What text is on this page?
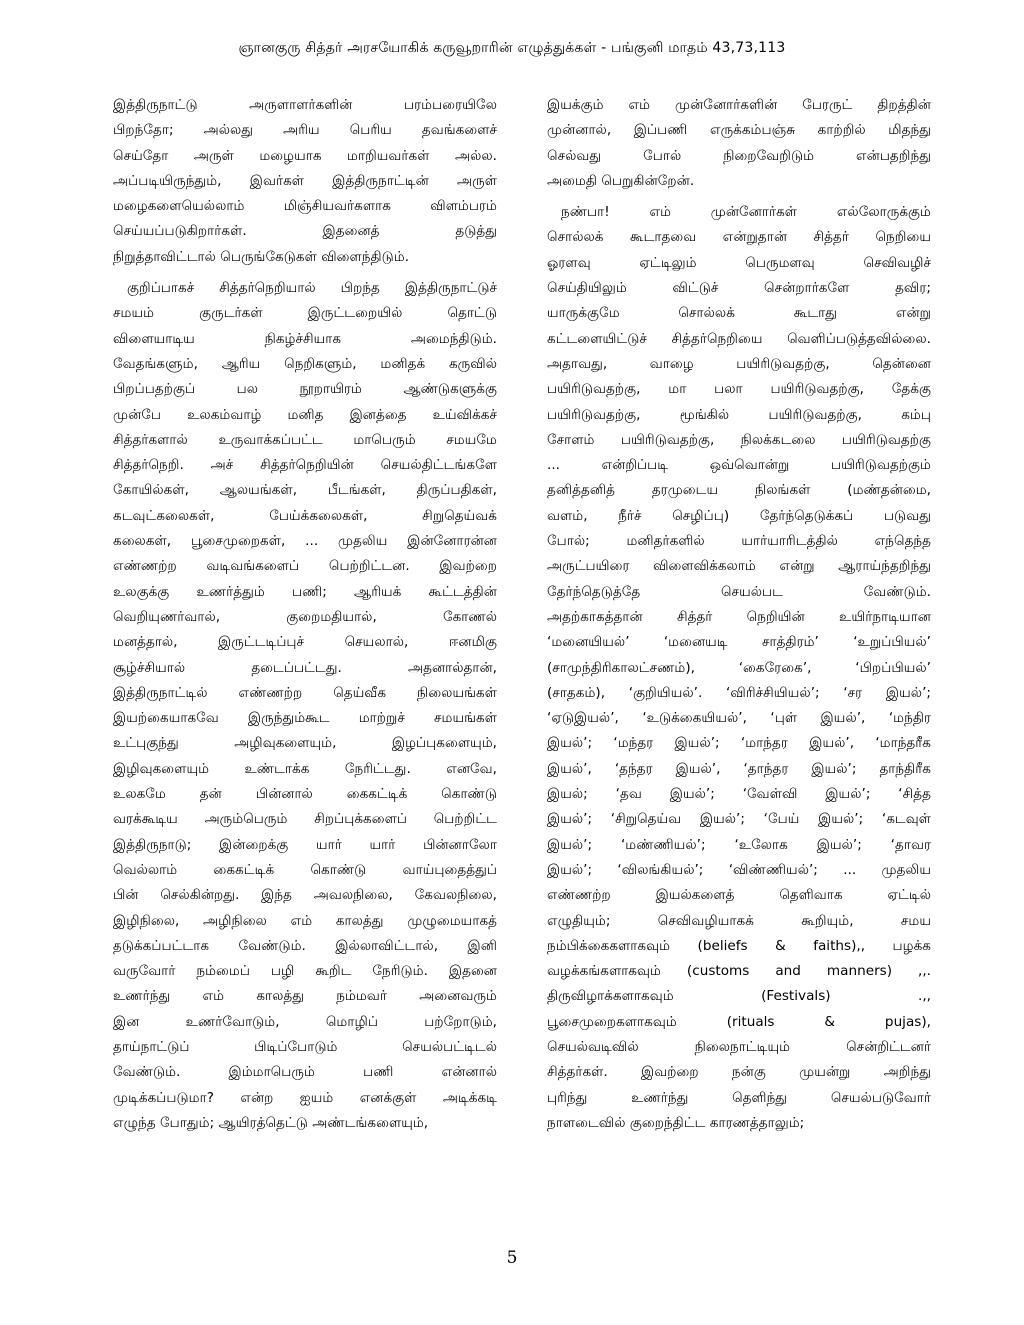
ஞானகுரு சித்தர் அரசயோகிக் கருவூறாரின் எழுத்துக்கள் - பங்குனி மாதம் 43,73,113

இத்திருநாட்டு அருளாளர்களின் பரம்பரையிலே

பிறந்தோ; அல்லது அரிய பெரிய தவங்களைச்

செய்தோ அருள் மழையாக மாறியவர்கள் அல்ல.

அப்படியிருந்தும், இவர்கள் இத்திருநாட்டின் அருள்

மழைகளையெல்லாம் மிஞ்சியவர்களாக விளம்பரம்

செய்யப்படுகிறார்கள். இதனைத் தடுத்து

நிறுத்தாவிட்டால் பெருங்கேடுகள் விளைந்திடும்.

குறிப்பாகச் சித்தர்நெறியால் பிறந்த இத்திருநாட்டுச்

சமயம் குருடர்கள் இருட்டறையில் தொட்டு

விளையாடிய நிகழ்ச்சியாக அமைந்திடும்.

வேதங்களும், ஆரிய நெறிகளும், மனிதக் கருவில்

பிறப்பதற்குப் பல நூறாயிரம் ஆண்டுகளுக்கு

முன்பே உலகம்வாழ் மனித இனத்தை உய்விக்கச்

சித்தர்களால் உருவாக்கப்பட்ட மாபெரும் சமயமே

சித்தர்நெறி. அச் சித்தர்நெறியின் செயல்திட்டங்களே

கோயில்கள், ஆலயங்கள், பீடங்கள், திருப்பதிகள்,

கடவுட்கலைகள், பேய்க்கலைகள், சிறுதெய்வக்

கலைகள், பூசைமுறைகள், ... முதலிய இன்னோரன்ன

எண்ணற்ற வடிவங்களைப் பெற்றிட்டன. இவற்றை

உலகுக்கு உணர்த்தும் பணி; ஆரியக் கூட்டத்தின்

வெறியுணர்வால், குறைமதியால், கோணல்

மனத்தால், இருட்டடிப்புச் செயலால், ஈனமிகு

சூழ்ச்சியால் தடைப்பட்டது. அதனால்தான்,

இத்திருநாட்டில் எண்ணற்ற தெய்வீக நிலையங்கள்

இயற்கையாகவே இருந்தும்கூட மாற்றுச் சமயங்கள்

உட்புகுந்து அழிவுகளையும், இழப்புகளையும்,

இழிவுகளையும் உண்டாக்க நேரிட்டது. எனவே,

உலகமே தன் பின்னால் கைகட்டிக் கொண்டு

வரக்கூடிய அரும்பெரும் சிறப்புக்களைப் பெற்றிட்ட

இத்திருநாடு; இன்றைக்கு யார் யார் பின்னாலோ

வெல்லாம் கைகட்டிக் கொண்டு வாய்புதைத்துப்

பின் செல்கின்றது. இந்த அவலநிலை, கேவலநிலை,

இழிநிலை, அழிநிலை எம் காலத்து முழுமையாகத்

தடுக்கப்பட்டாக வேண்டும். இல்லாவிட்டால், இனி

வருவோர் நம்மைப் பழி கூறிட நேரிடும். இதனை

உணர்ந்து எம் காலத்து நம்மவர் அனைவரும்

இன உணர்வோடும், மொழிப் பற்றோடும்,

தாய்நாட்டுப் பிடிப்போடும் செயல்பட்டிடல்

வேண்டும். இம்மாபெரும் பணி என்னால்

முடிக்கப்படுமா? என்ற ஐயம் எனக்குள் அடிக்கடி

எழுந்த போதும்; ஆயிரத்தெட்டு அண்டங்களையும்,

இயக்கும் எம் முன்னோர்களின் பேரருட் திறத்தின்

முன்னால், இப்பணி எருக்கம்பஞ்சு காற்றில் மிதந்து

செல்வது போல் நிறைவேறிடும் என்பதறிந்து

அமைதி பெறுகின்றேன்.

நண்பா! எம் முன்னோர்கள் எல்லோருக்கும்

சொல்லக் கூடாதவை என்றுதான் சித்தர் நெறியை

ஓரளவு ஏட்டிலும் பெருமளவு செவிவழிச்

செய்தியிலும் விட்டுச் சென்றார்களே தவிர;

யாருக்குமே சொல்லக் கூடாது என்று

கட்டளையிட்டுச் சித்தர்நெறியை வெளிப்படுத்தவில்லை.

அதாவது, வாழை பயிரிடுவதற்கு, தென்னை

பயிரிடுவதற்கு, மா பலா பயிரிடுவதற்கு, தேக்கு

பயிரிடுவதற்கு, மூங்கில் பயிரிடுவதற்கு, கம்பு

சோளம் பயிரிடுவதற்கு, நிலக்கடலை பயிரிடுவதற்கு

... என்றிப்படி ஒவ்வொன்று பயிரிடுவதற்கும்

தனித்தனித் தரமுடைய நிலங்கள் (மண்தன்மை,

வளம், நீர்ச் செழிப்பு) தேர்ந்தெடுக்கப் படுவது

போல்; மனிதர்களில் யார்யாரிடத்தில் எந்தெந்த

அருட்பயிரை விளைவிக்கலாம் என்று ஆராய்ந்தறிந்து

தேர்ந்தெடுத்தே செயல்பட வேண்டும்.

அதற்காகத்தான் சித்தர் நெறியின் உயிர்நாடியான

‘மனையியல்’ ‘மனையடி சாத்திரம்’ ‘உறுப்பியல்’

(சாமுந்திரிகாலட்சணம்), ‘கைரேகை’, ‘பிறப்பியல்’

(சாதகம்), ‘குறியியல்’. ‘விரிச்சியியல்’; ‘சர இயல்’;

‘ஏடுஇயல்’, ‘உடுக்கையியல்’, ‘புள் இயல்’, ‘மந்திர

இயல்’; ‘மந்தர இயல்’; ‘மாந்தர இயல்’, ‘மாந்தரீக

இயல்’, ‘தந்தர இயல்’, ‘தாந்தர இயல்’; தாந்திரீக

இயல்; ‘தவ இயல்’; ‘வேள்வி இயல்’; ‘சித்த

இயல்’; ‘சிறுதெய்வ இயல்’; ‘பேய் இயல்’; ‘கடவுள்

இயல்’; ‘மண்ணியல்’; ‘உலோக இயல்’; ‘தாவர

இயல்’; ‘விலங்கியல்’; ‘விண்ணியல்’; ... முதலிய

எண்ணற்ற இயல்களைத் தெளிவாக ஏட்டில்

எழுதியும்; செவிவழியாகக் கூறியும், சமய

நம்பிக்கைகளாகவும் (beliefs & faiths),, பழக்க

வழக்கங்களாகவும் (customs and manners) ,,.

திருவிழாக்களாகவும் (Festivals) .,,

பூசைமுறைகளாகவும் (rituals & pujas),

செயல்வடிவில் நிலைநாட்டியும் சென்றிட்டனர்

சித்தர்கள். இவற்றை நன்கு முயன்று அறிந்து

புரிந்து உணர்ந்து தெளிந்து செயல்படுவோர்

நாளடைவில் குறைந்திட்ட காரணத்தாலும்;

5
